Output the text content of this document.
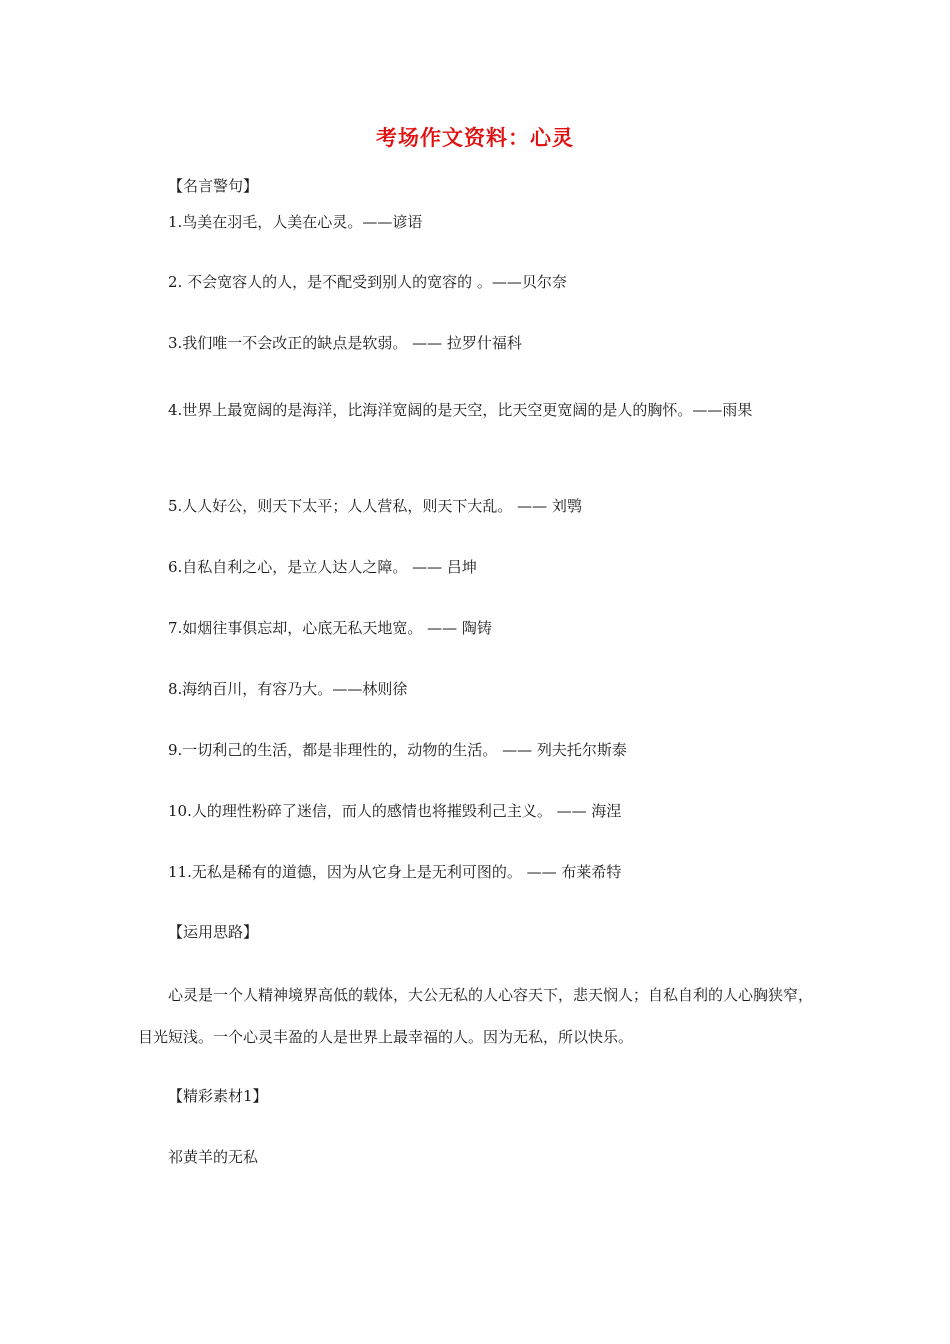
考场作文资料：心灵
【名言警句】
1.鸟美在羽毛，人美在心灵。——谚语
2. 不会宽容人的人，是不配受到别人的宽容的 。——贝尔奈
3.我们唯一不会改正的缺点是软弱。 —— 拉罗什福科
4.世界上最宽阔的是海洋，比海洋宽阔的是天空，比天空更宽阔的是人的胸怀。——雨果
5.人人好公，则天下太平；人人营私，则天下大乱。 —— 刘鹗
6.自私自利之心，是立人达人之障。 —— 吕坤
7.如烟往事俱忘却，心底无私天地宽。 —— 陶铸
8.海纳百川，有容乃大。——林则徐
9.一切利己的生活，都是非理性的，动物的生活。 —— 列夫托尔斯泰
10.人的理性粉碎了迷信，而人的感情也将摧毁利己主义。 —— 海涅
11.无私是稀有的道德，因为从它身上是无利可图的。 —— 布莱希特
【运用思路】
心灵是一个人精神境界高低的载体，大公无私的人心容天下，悲天悯人；自私自利的人心胸狭窄，目光短浅。一个心灵丰盈的人是世界上最幸福的人。因为无私，所以快乐。
【精彩素材1】
祁黄羊的无私
